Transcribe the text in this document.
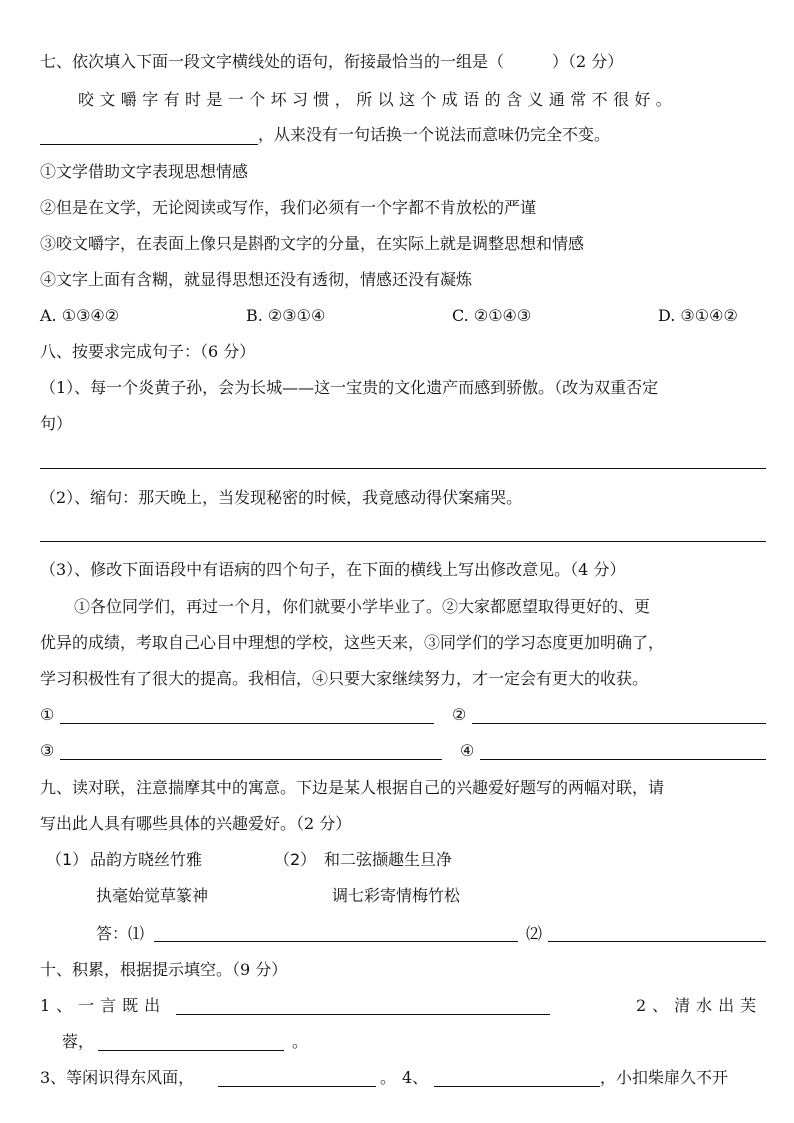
七、依次填入下面一段文字横线处的语句，衔接最恰当的一组是（　　　）（2 分）
咬文嚼字有时是一个坏习惯，所以这个成语的含义通常不很好。
，从来没有一句话换一个说法而意味仍完全不变。
①文学借助文字表现思想情感
②但是在文学，无论阅读或写作，我们必须有一个字都不肯放松的严谨
③咬文嚼字，在表面上像只是斟酌文字的分量，在实际上就是调整思想和情感
④文字上面有含糊，就显得思想还没有透彻，情感还没有凝炼
A. ①③④②	B. ②③①④	C. ②①④③	D. ③①④②
八、按要求完成句子：（6 分）
（1）、每一个炎黄子孙，会为长城——这一宝贵的文化遗产而感到骄傲。（改为双重否定
句）
（2）、缩句：那天晚上，当发现秘密的时候，我竟感动得伏案痛哭。
（3）、修改下面语段中有语病的四个句子，在下面的横线上写出修改意见。（4 分）
①各位同学们，再过一个月，你们就要小学毕业了。②大家都愿望取得更好的、更
优异的成绩，考取自己心目中理想的学校，这些天来，③同学们的学习态度更加明确了，
学习积极性有了很大的提高。我相信，④只要大家继续努力，才一定会有更大的收获。
①	②
③	④
九、读对联，注意揣摩其中的寓意。下边是某人根据自己的兴趣爱好题写的两幅对联，请
写出此人具有哪些具体的兴趣爱好。（2 分）
（1） 品韵方晓丝竹雅	（2） 和二弦撷趣生旦净
执毫始觉草篆神	调七彩寄情梅竹松
答：⑴	⑵
十、积累，根据提示填空。（9 分）
1、一言既出	2、清水出芙
蓉，	。
3、等闲识得东风面，	。 4、	，小扣柴扉久不开
